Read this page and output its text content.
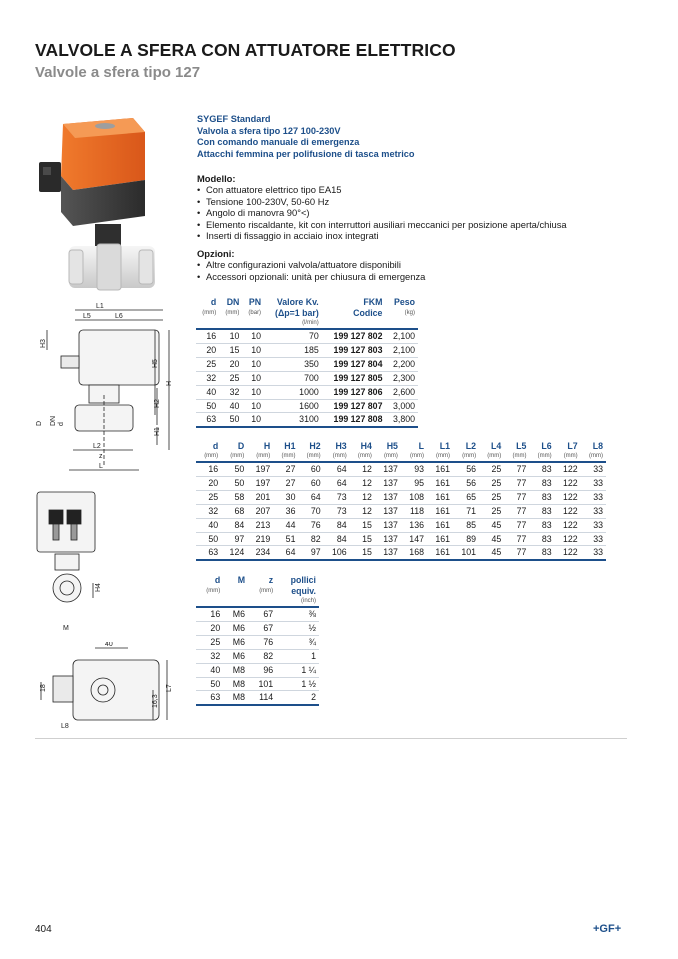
VALVOLE A SFERA CON ATTUATORE ELETTRICO
Valvole a sfera tipo 127
SYGEF Standard
Valvola a sfera tipo 127 100-230V
Con comando manuale di emergenza
Attacchi femmina per polifusione di tasca metrico
Modello:
• Con attuatore elettrico tipo EA15
• Tensione 100-230V, 50-60 Hz
• Angolo di manovra 90°<)
• Elemento riscaldante, kit con interruttori ausiliari meccanici per posizione aperta/chiusa
• Inserti di fissaggio in acciaio inox integrati
Opzioni:
• Altre configurazioni valvola/attuatore disponibili
• Accessori opzionali: unità per chiusura di emergenza
d	DN	PN	Valore Kv.	FKM	Peso
(mm)	(mm)	(bar)	(Δp=1 bar)	Codice	(kg)
			(l/min)		
16	10	10	70	199 127 802	2,100
20	15	10	185	199 127 803	2,100
25	20	10	350	199 127 804	2,200
32	25	10	700	199 127 805	2,300
40	32	10	1000	199 127 806	2,600
50	40	10	1600	199 127 807	3,000
63	50	10	3100	199 127 808	3,800
d	D	H	H1	H2	H3	H4	H5	L	L1	L2	L4	L5	L6	L7	L8
(mm)	(mm)	(mm)	(mm)	(mm)	(mm)	(mm)	(mm)	(mm)	(mm)	(mm)	(mm)	(mm)	(mm)	(mm)	(mm)
16	50	197	27	60	64	12	137	93	161	56	25	77	83	122	33
20	50	197	27	60	64	12	137	95	161	56	25	77	83	122	33
25	58	201	30	64	73	12	137	108	161	65	25	77	83	122	33
32	68	207	36	70	73	12	137	118	161	71	25	77	83	122	33
40	84	213	44	76	84	15	137	136	161	85	45	77	83	122	33
50	97	219	51	82	84	15	137	147	161	89	45	77	83	122	33
63	124	234	64	97	106	15	137	168	161	101	45	77	83	122	33
d	M	z	pollici
(mm)		(mm)	equiv.
			(inch)
16	M6	67	⅜
20	M6	67	½
25	M6	76	¾
32	M6	82	1
40	M8	96	1 ¼
50	M8	101	1 ½
63	M8	114	2
L1
L5	L6
H3
H5
H
H2
H1
D DN d
L2
z
L
H4
M
40
18
16,3
L7
L8
404	+GF+
